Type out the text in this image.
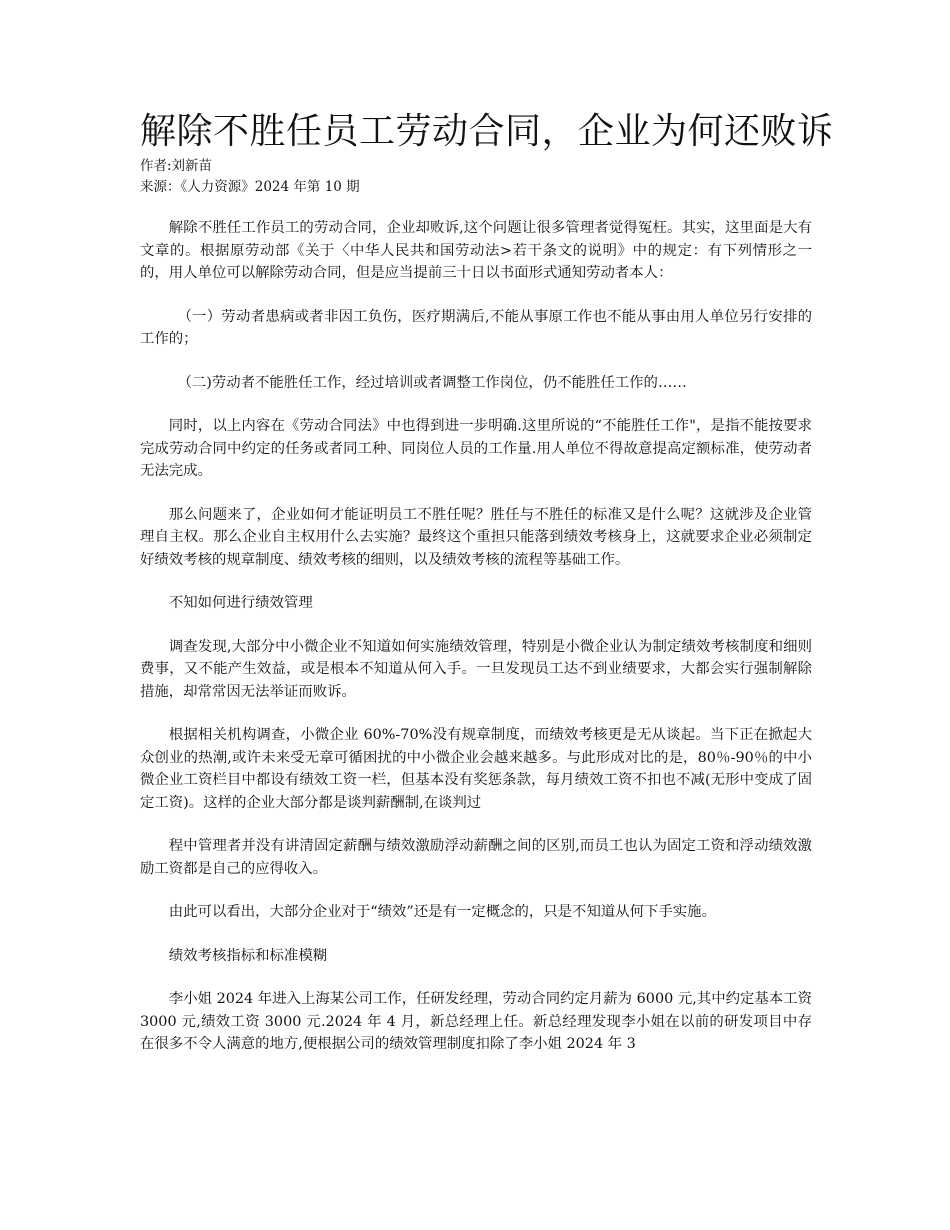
解除不胜任员工劳动合同，企业为何还败诉

作者:刘新苗

来源：《人力资源》2024 年第 10 期

解除不胜任工作员工的劳动合同，企业却败诉,这个问题让很多管理者觉得冤枉。其实，这里面是大有文章的。根据原劳动部《关于〈中华人民共和国劳动法>若干条文的说明》中的规定：有下列情形之一的，用人单位可以解除劳动合同，但是应当提前三十日以书面形式通知劳动者本人：

（一）劳动者患病或者非因工负伤，医疗期满后,不能从事原工作也不能从事由用人单位另行安排的工作的；

（二)劳动者不能胜任工作，经过培训或者调整工作岗位，仍不能胜任工作的……

同时，以上内容在《劳动合同法》中也得到进一步明确.这里所说的“不能胜任工作"，是指不能按要求完成劳动合同中约定的任务或者同工种、同岗位人员的工作量.用人单位不得故意提高定额标准，使劳动者无法完成。

那么问题来了，企业如何才能证明员工不胜任呢？胜任与不胜任的标准又是什么呢？这就涉及企业管理自主权。那么企业自主权用什么去实施？最终这个重担只能落到绩效考核身上，这就要求企业必须制定好绩效考核的规章制度、绩效考核的细则，以及绩效考核的流程等基础工作。

不知如何进行绩效管理

调查发现,大部分中小微企业不知道如何实施绩效管理，特别是小微企业认为制定绩效考核制度和细则费事，又不能产生效益，或是根本不知道从何入手。一旦发现员工达不到业绩要求，大都会实行强制解除措施，却常常因无法举证而败诉。

根据相关机构调查，小微企业 60%-70%没有规章制度，而绩效考核更是无从谈起。当下正在掀起大众创业的热潮,或许未来受无章可循困扰的中小微企业会越来越多。与此形成对比的是，80％-90％的中小微企业工资栏目中都设有绩效工资一栏，但基本没有奖惩条款，每月绩效工资不扣也不减(无形中变成了固定工资)。这样的企业大部分都是谈判薪酬制,在谈判过

程中管理者并没有讲清固定薪酬与绩效激励浮动薪酬之间的区别,而员工也认为固定工资和浮动绩效激励工资都是自己的应得收入。

由此可以看出，大部分企业对于“绩效”还是有一定概念的，只是不知道从何下手实施。

绩效考核指标和标准模糊

李小姐 2024 年进入上海某公司工作，任研发经理，劳动合同约定月薪为 6000 元,其中约定基本工资 3000 元,绩效工资 3000 元.2024 年 4 月，新总经理上任。新总经理发现李小姐在以前的研发项目中存在很多不令人满意的地方,便根据公司的绩效管理制度扣除了李小姐 2024 年 3
